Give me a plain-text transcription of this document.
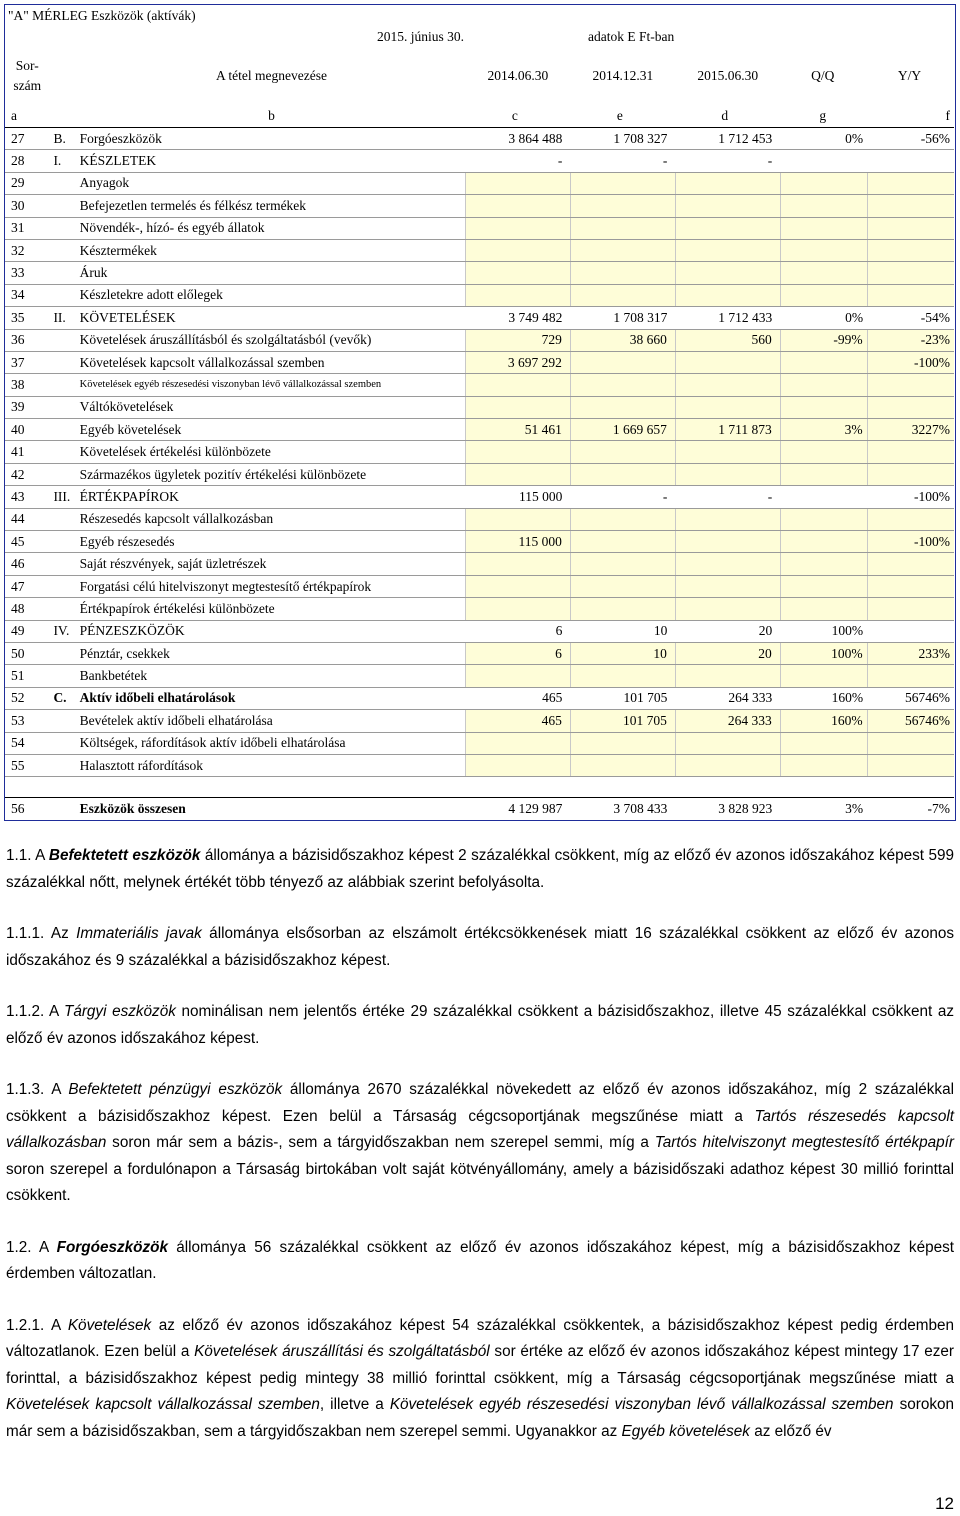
"A" MÉRLEG Eszközök (aktívák)
2015. június 30.	adatok E Ft-ban
Sor-
szám		A tétel megnevezése	2014.06.30	2014.12.31	2015.06.30	Q/Q	Y/Y
a		b	c	e	d	g	f
27	B.	Forgóeszközök	3 864 488	1 708 327	1 712 453	0%	-56%
28	I.	KÉSZLETEK	-	-	-		
29		Anyagok					
30		Befejezetlen termelés és félkész termékek					
31		Növendék-, hízó- és egyéb állatok					
32		Késztermékek					
33		Áruk					
34		Készletekre adott előlegek					
35	II.	KÖVETELÉSEK	3 749 482	1 708 317	1 712 433	0%	-54%
36		Követelések áruszállításból és szolgáltatásból (vevők)	729	38 660	560	-99%	-23%
37		Követelések kapcsolt vállalkozással szemben	3 697 292				-100%
38		Követelések egyéb részesedési viszonyban lévő vállalkozással szemben					
39		Váltókövetelések					
40		Egyéb követelések	51 461	1 669 657	1 711 873	3%	3227%
41		Követelések értékelési különbözete					
42		Származékos ügyletek pozitív értékelési különbözete					
43	III.	ÉRTÉKPAPÍROK	115 000	-	-		-100%
44		Részesedés kapcsolt vállalkozásban					
45		Egyéb részesedés	115 000				-100%
46		Saját részvények, saját üzletrészek					
47		Forgatási célú hitelviszonyt megtestesítő értékpapírok					
48		Értékpapírok értékelési különbözete					
49	IV.	PÉNZESZKÖZÖK	6	10	20	100%	
50		Pénztár, csekkek	6	10	20	100%	233%
51		Bankbetétek					
52	C.	Aktív időbeli elhatárolások	465	101 705	264 333	160%	56746%
53		Bevételek aktív időbeli elhatárolása	465	101 705	264 333	160%	56746%
54		Költségek, ráfordítások aktív időbeli elhatárolása					
55		Halasztott ráfordítások					

56		Eszközök összesen	4 129 987	3 708 433	3 828 923	3%	-7%

1.1. A Befektetett eszközök állománya a bázisidőszakhoz képest 2 százalékkal csökkent, míg az előző év azonos időszakához képest 599 százalékkal nőtt, melynek értékét több tényező az alábbiak szerint befolyásolta.

1.1.1. Az Immateriális javak állománya elsősorban az elszámolt értékcsökkenések miatt 16 százalékkal csökkent az előző év azonos időszakához és 9 százalékkal a bázisidőszakhoz képest.

1.1.2. A Tárgyi eszközök nominálisan nem jelentős értéke 29 százalékkal csökkent a bázisidőszakhoz, illetve 45 százalékkal csökkent az előző év azonos időszakához képest.

1.1.3. A Befektetett pénzügyi eszközök állománya 2670 százalékkal növekedett az előző év azonos időszakához, míg 2 százalékkal csökkent a bázisidőszakhoz képest. Ezen belül a Társaság cégcsoportjának megszűnése miatt a Tartós részesedés kapcsolt vállalkozásban soron már sem a bázis-, sem a tárgyidőszakban nem szerepel semmi, míg a Tartós hitelviszonyt megtestesítő értékpapír soron szerepel a fordulónapon a Társaság birtokában volt saját kötvényállomány, amely a bázisidőszaki adathoz képest 30 millió forinttal csökkent.

1.2. A Forgóeszközök állománya 56 százalékkal csökkent az előző év azonos időszakához képest, míg a bázisidőszakhoz képest érdemben változatlan.

1.2.1. A Követelések az előző év azonos időszakához képest 54 százalékkal csökkentek, a bázisidőszakhoz képest pedig érdemben változatlanok. Ezen belül a Követelések áruszállítási és szolgáltatásból sor értéke az előző év azonos időszakához képest mintegy 17 ezer forinttal, a bázisidőszakhoz képest pedig mintegy 38 millió forinttal csökkent, míg a Társaság cégcsoportjának megszűnése miatt a Követelések kapcsolt vállalkozással szemben, illetve a Követelések egyéb részesedési viszonyban lévő vállalkozással szemben sorokon már sem a bázisidőszakban, sem a tárgyidőszakban nem szerepel semmi. Ugyanakkor az Egyéb követelések az előző év

12
